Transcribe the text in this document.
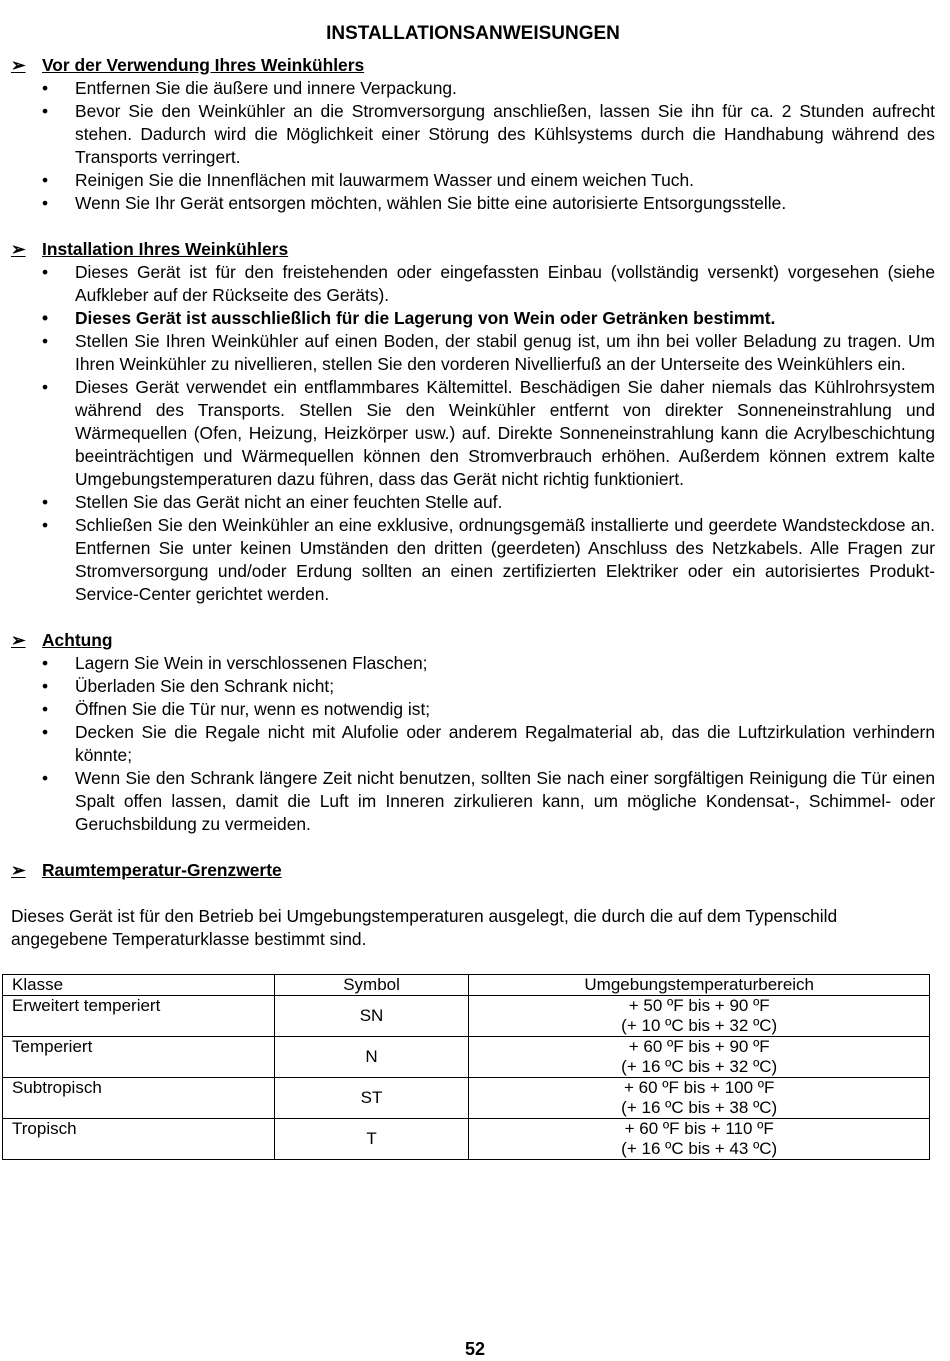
INSTALLATIONSANWEISUNGEN
➢ Vor der Verwendung Ihres Weinkühlers
• Entfernen Sie die äußere und innere Verpackung.
• Bevor Sie den Weinkühler an die Stromversorgung anschließen, lassen Sie ihn für ca. 2 Stunden aufrecht stehen. Dadurch wird die Möglichkeit einer Störung des Kühlsystems durch die Handhabung während des Transports verringert.
• Reinigen Sie die Innenflächen mit lauwarmem Wasser und einem weichen Tuch.
• Wenn Sie Ihr Gerät entsorgen möchten, wählen Sie bitte eine autorisierte Entsorgungsstelle.
➢ Installation Ihres Weinkühlers
• Dieses Gerät ist für den freistehenden oder eingefassten Einbau (vollständig versenkt) vorgesehen (siehe Aufkleber auf der Rückseite des Geräts).
• Dieses Gerät ist ausschließlich für die Lagerung von Wein oder Getränken bestimmt.
• Stellen Sie Ihren Weinkühler auf einen Boden, der stabil genug ist, um ihn bei voller Beladung zu tragen. Um Ihren Weinkühler zu nivellieren, stellen Sie den vorderen Nivellierfuß an der Unterseite des Weinkühlers ein.
• Dieses Gerät verwendet ein entflammbares Kältemittel. Beschädigen Sie daher niemals das Kühlrohrsystem während des Transports. Stellen Sie den Weinkühler entfernt von direkter Sonneneinstrahlung und Wärmequellen (Ofen, Heizung, Heizkörper usw.) auf. Direkte Sonneneinstrahlung kann die Acrylbeschichtung beeinträchtigen und Wärmequellen können den Stromverbrauch erhöhen. Außerdem können extrem kalte Umgebungstemperaturen dazu führen, dass das Gerät nicht richtig funktioniert.
• Stellen Sie das Gerät nicht an einer feuchten Stelle auf.
• Schließen Sie den Weinkühler an eine exklusive, ordnungsgemäß installierte und geerdete Wandsteckdose an. Entfernen Sie unter keinen Umständen den dritten (geerdeten) Anschluss des Netzkabels. Alle Fragen zur Stromversorgung und/oder Erdung sollten an einen zertifizierten Elektriker oder ein autorisiertes Produkt-Service-Center gerichtet werden.
➢ Achtung
• Lagern Sie Wein in verschlossenen Flaschen;
• Überladen Sie den Schrank nicht;
• Öffnen Sie die Tür nur, wenn es notwendig ist;
• Decken Sie die Regale nicht mit Alufolie oder anderem Regalmaterial ab, das die Luftzirkulation verhindern könnte;
• Wenn Sie den Schrank längere Zeit nicht benutzen, sollten Sie nach einer sorgfältigen Reinigung die Tür einen Spalt offen lassen, damit die Luft im Inneren zirkulieren kann, um mögliche Kondensat-, Schimmel- oder Geruchsbildung zu vermeiden.
➢ Raumtemperatur-Grenzwerte

Dieses Gerät ist für den Betrieb bei Umgebungstemperaturen ausgelegt, die durch die auf dem Typenschild angegebene Temperaturklasse bestimmt sind.

Klasse	Symbol	Umgebungstemperaturbereich
Erweitert temperiert	SN	+ 50 ºF bis + 90 ºF
(+ 10 ºC bis + 32 ºC)

Temperiert	N	+ 60 ºF bis + 90 ºF
(+ 16 ºC bis + 32 ºC)

Subtropisch	ST	+ 60 ºF bis + 100 ºF
(+ 16 ºC bis + 38 ºC)

Tropisch	T	+ 60 ºF bis + 110 ºF
(+ 16 ºC bis + 43 ºC)
52
